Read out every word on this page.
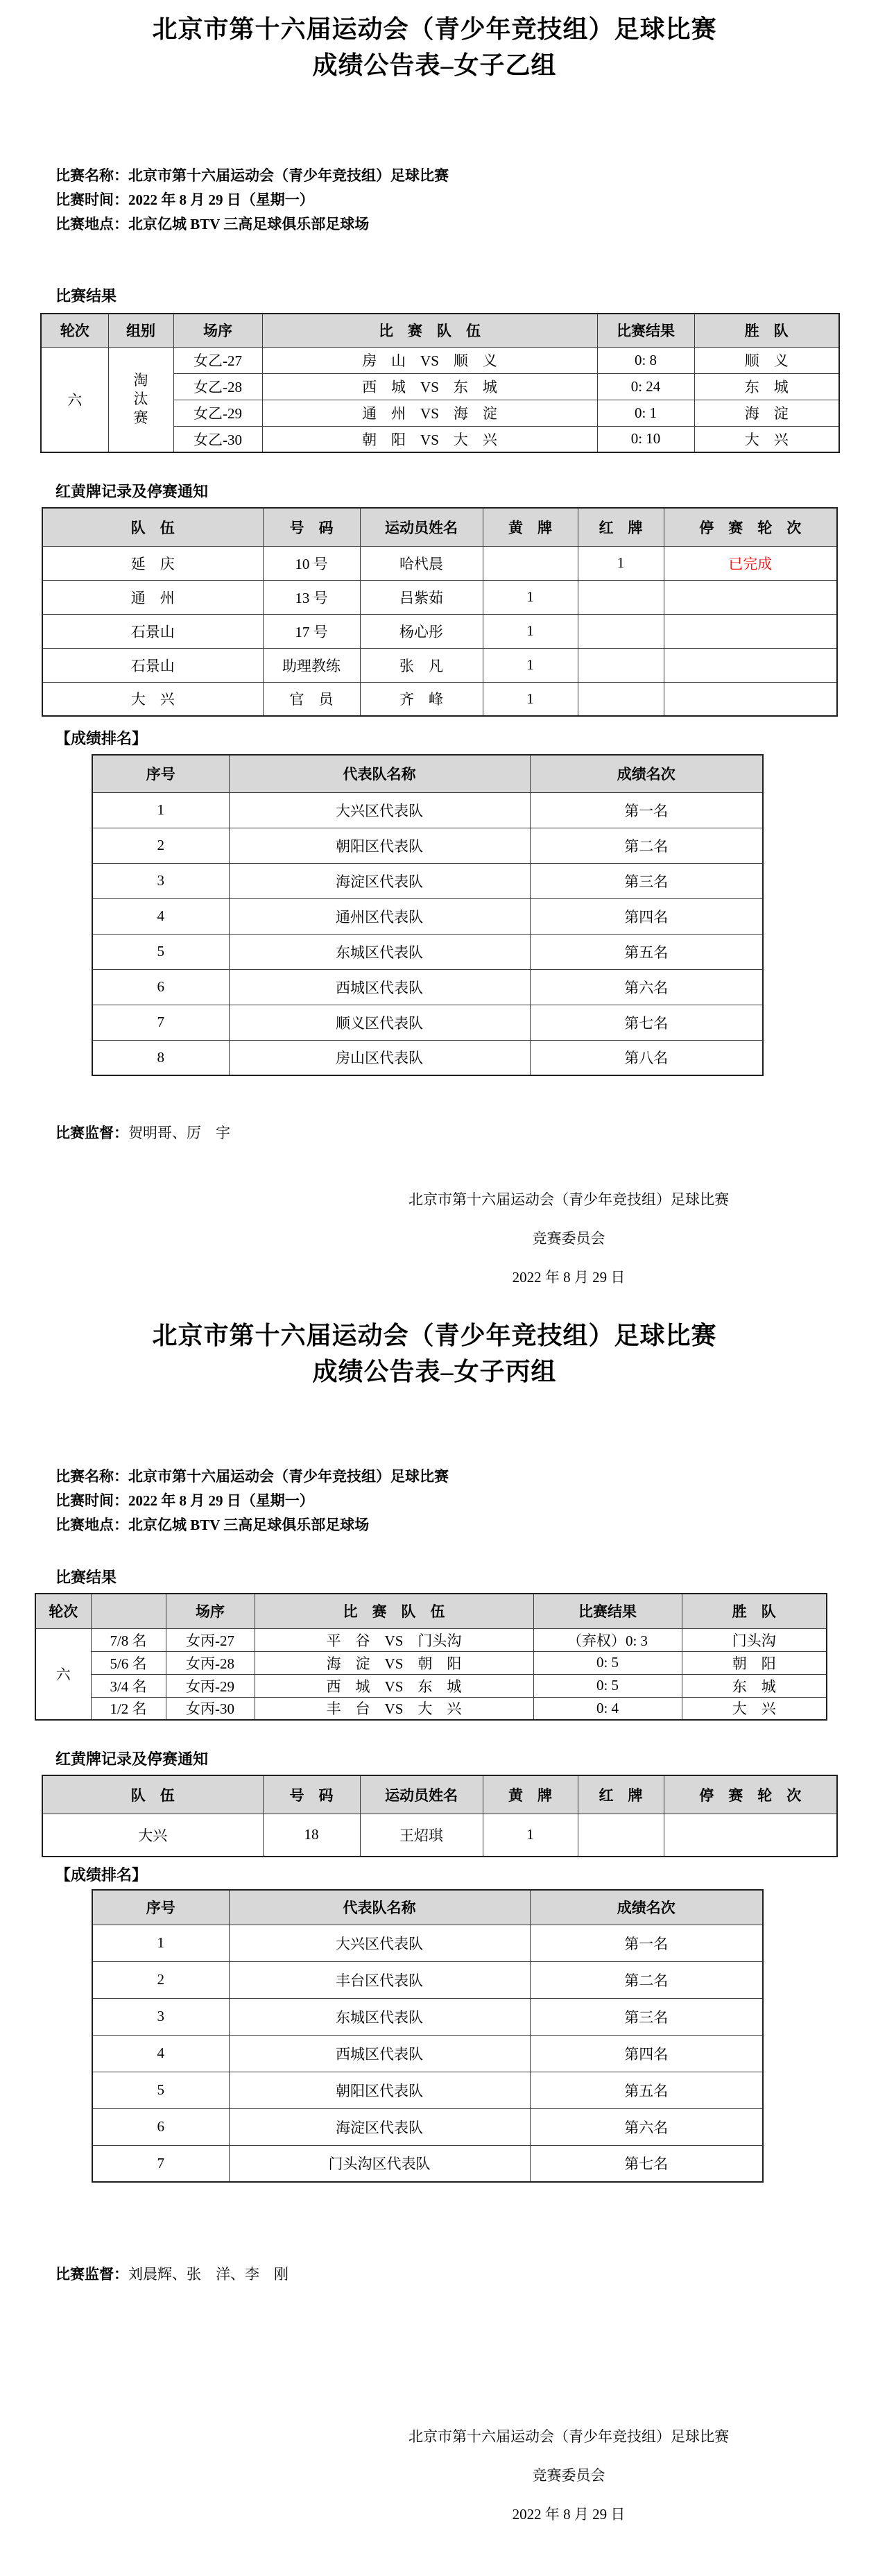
北京市第十六届运动会（青少年竞技组）足球比赛
成绩公告表–女子乙组
比赛名称：北京市第十六届运动会（青少年竞技组）足球比赛
比赛时间：2022 年 8 月 29 日（星期一）
比赛地点：北京亿城 BTV 三高足球俱乐部足球场
比赛结果
轮次	组别	场序	比　赛　队　伍	比赛结果	胜　队
六	淘汰赛	女乙-27	房　山　VS　顺　义	0: 8	顺　义
		女乙-28	西　城　VS　东　城	0: 24	东　城
		女乙-29	通　州　VS　海　淀	0: 1	海　淀
		女乙-30	朝　阳　VS　大　兴	0: 10	大　兴
红黄牌记录及停赛通知
队　伍	号　码	运动员姓名	黄　牌	红　牌	停　赛　轮　次
延　庆	10 号	哈杙晨		1	已完成
通　州	13 号	吕紫茹	1		
石景山	17 号	杨心彤	1		
石景山	助理教练	张　凡	1		
大　兴	官　员	齐　峰	1		
【成绩排名】
序号	代表队名称	成绩名次
1	大兴区代表队	第一名
2	朝阳区代表队	第二名
3	海淀区代表队	第三名
4	通州区代表队	第四名
5	东城区代表队	第五名
6	西城区代表队	第六名
7	顺义区代表队	第七名
8	房山区代表队	第八名
比赛监督：贺明哥、厉　宇
北京市第十六届运动会（青少年竞技组）足球比赛
竞赛委员会
2022 年 8 月 29 日
北京市第十六届运动会（青少年竞技组）足球比赛
成绩公告表–女子丙组
比赛名称：北京市第十六届运动会（青少年竞技组）足球比赛
比赛时间：2022 年 8 月 29 日（星期一）
比赛地点：北京亿城 BTV 三高足球俱乐部足球场
比赛结果
轮次		场序	比　赛　队　伍	比赛结果	胜　队
六	7/8 名	女丙-27	平　谷　VS　门头沟	（弃权）0: 3	门头沟
	5/6 名	女丙-28	海　淀　VS　朝　阳	0: 5	朝　阳
	3/4 名	女丙-29	西　城　VS　东　城	0: 5	东　城
	1/2 名	女丙-30	丰　台　VS　大　兴	0: 4	大　兴
红黄牌记录及停赛通知
队　伍	号　码	运动员姓名	黄　牌	红　牌	停　赛　轮　次
大兴	18	王炤琪	1		
【成绩排名】
序号	代表队名称	成绩名次
1	大兴区代表队	第一名
2	丰台区代表队	第二名
3	东城区代表队	第三名
4	西城区代表队	第四名
5	朝阳区代表队	第五名
6	海淀区代表队	第六名
7	门头沟区代表队	第七名
比赛监督：刘晨辉、张　洋、李　刚
北京市第十六届运动会（青少年竞技组）足球比赛
竞赛委员会
2022 年 8 月 29 日
